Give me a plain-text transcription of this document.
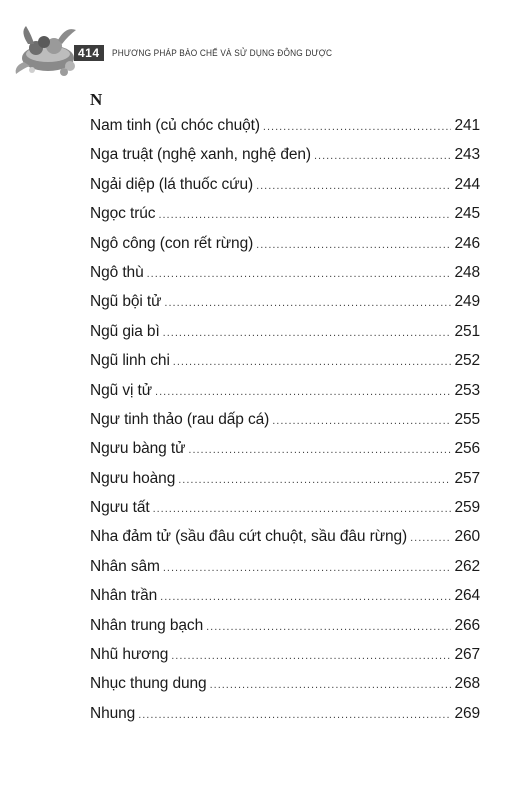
414	PHƯƠNG PHÁP BÀO CHẾ VÀ SỬ DỤNG ĐÔNG DƯỢC
N
Nam tinh (củ chóc chuột) .....	241
Nga truật (nghệ xanh, nghệ đen) .....	243
Ngải diệp (lá thuốc cứu) .....	244
Ngọc trúc .....	245
Ngô công (con rết rừng) .....	246
Ngô thù .....	248
Ngũ bội tử .....	249
Ngũ gia bì .....	251
Ngũ linh chi .....	252
Ngũ vị tử .....	253
Ngư tinh thảo (rau dấp cá) .....	255
Ngưu bàng tử .....	256
Ngưu hoàng .....	257
Ngưu tất .....	259
Nha đảm tử (sầu đâu cứt chuột, sầu đâu rừng) .....	260
Nhân sâm .....	262
Nhân trần .....	264
Nhân trung bạch .....	266
Nhũ hương .....	267
Nhục thung dung .....	268
Nhung .....	269
